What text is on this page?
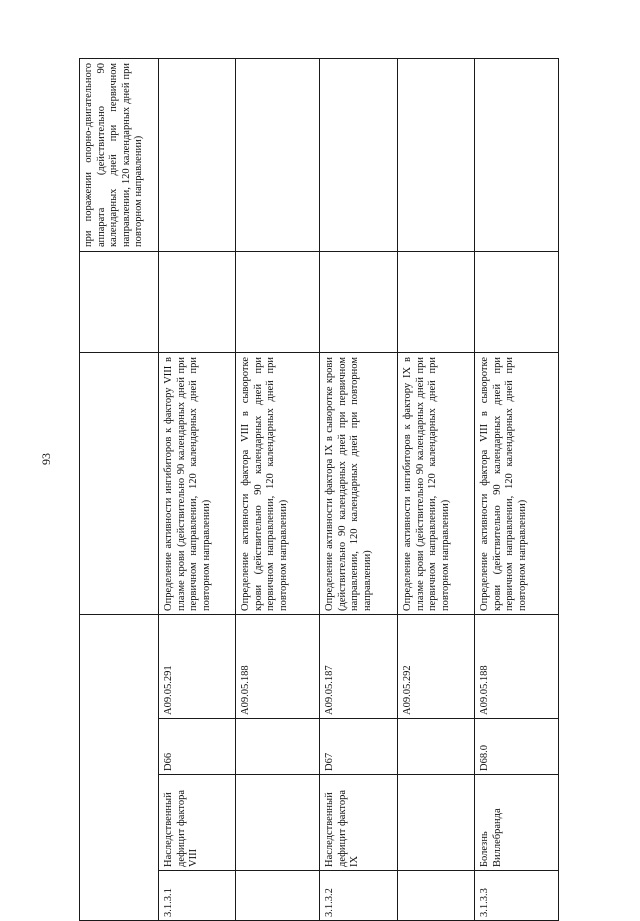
93
при поражении опорно-двигательного аппарата (действительно 90 календарных дней при первичном направлении, 120 календарных дней при повторном направлении)
3.1.3.1
Наследственный дефицит фактора VIII
D66
A09.05.291
Определение активности ингибиторов к фактору VIII в плазме крови (действительно 90 календарных дней при первичном направлении, 120 календарных дней при повторном направлении)
A09.05.188
Определение активности фактора VIII в сыворотке крови (действительно 90 календарных дней при первичном направлении, 120 календарных дней при повторном направлении)
3.1.3.2
Наследственный дефицит фактора IX
D67
A09.05.187
Определение активности фактора IX в сыворотке крови (действительно 90 календарных дней при первичном направлении, 120 календарных дней при повторном направлении)
A09.05.292
Определение активности ингибиторов к фактору IX в плазме крови (действительно 90 календарных дней при первичном направлении, 120 календарных дней при повторном направлении)
3.1.3.3
Болезнь Виллебранда
D68.0
A09.05.188
Определение активности фактора VIII в сыворотке крови (действительно 90 календарных дней при первичном направлении, 120 календарных дней при повторном направлении)
